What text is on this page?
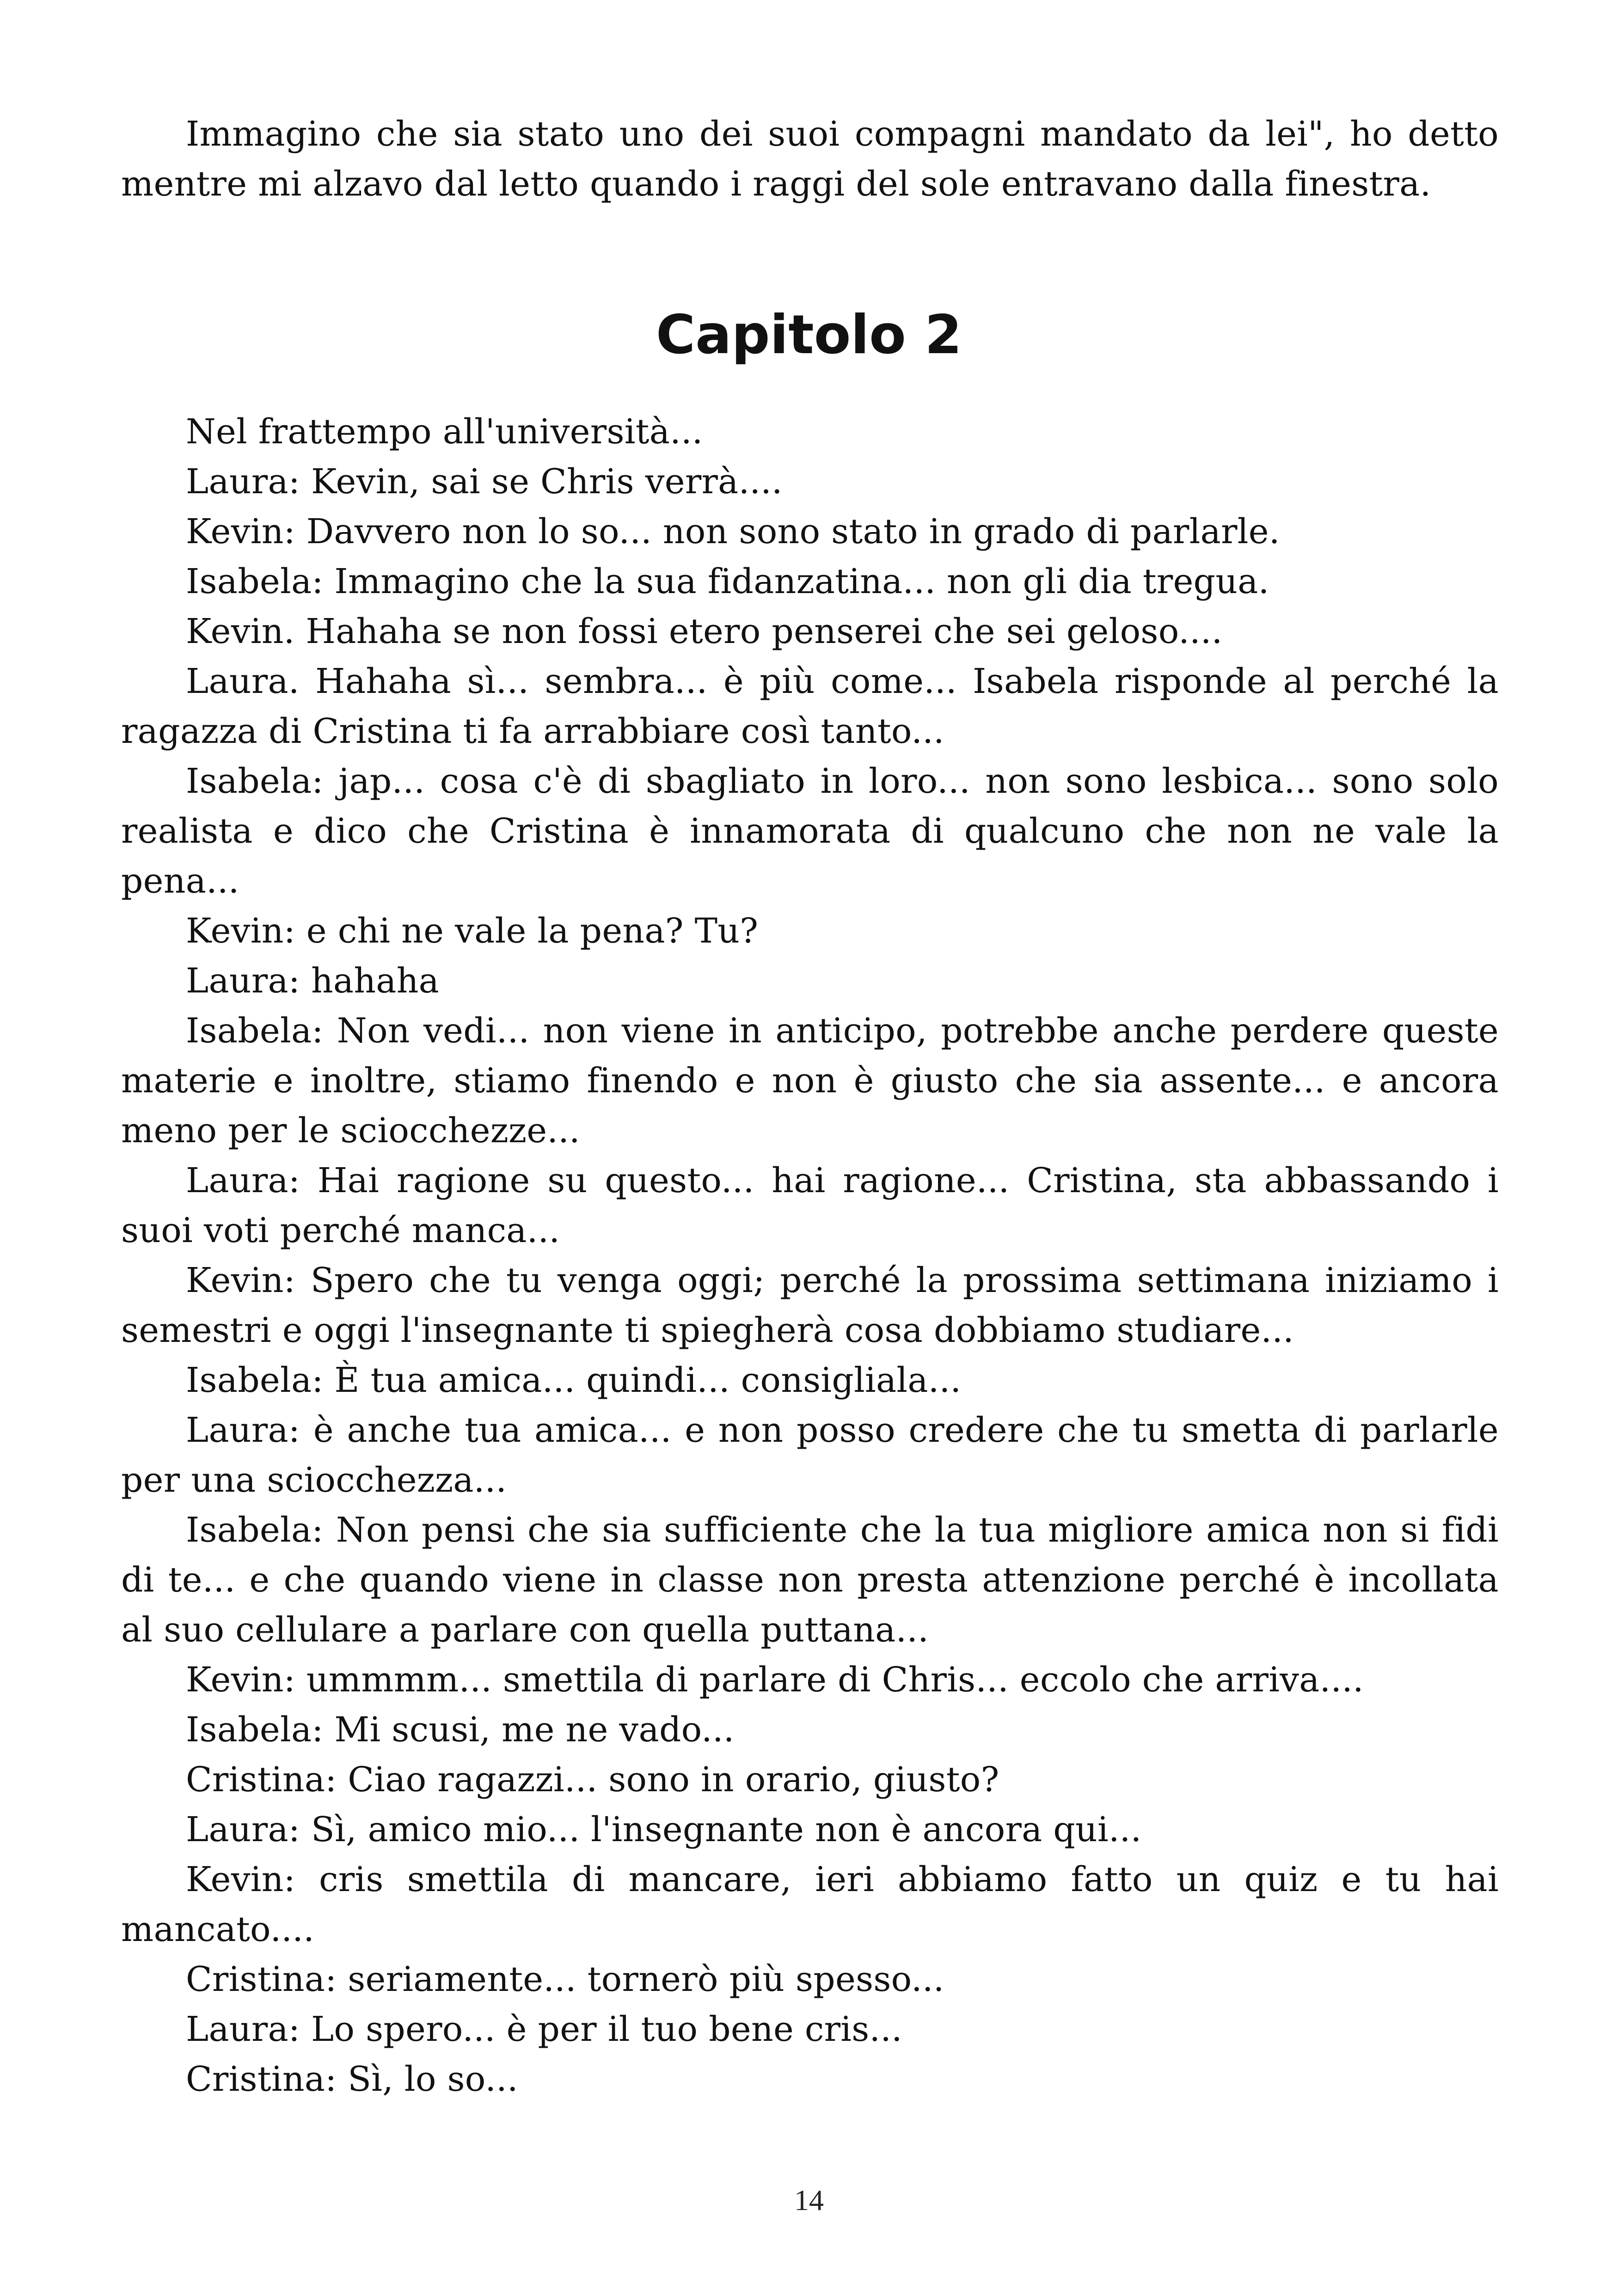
Immagino che sia stato uno dei suoi compagni mandato da lei", ho detto mentre mi alzavo dal letto quando i raggi del sole entravano dalla finestra.

Capitolo 2

Nel frattempo all'università...

Laura: Kevin, sai se Chris verrà....

Kevin: Davvero non lo so... non sono stato in grado di parlarle.

Isabela: Immagino che la sua fidanzatina... non gli dia tregua.

Kevin. Hahaha se non fossi etero penserei che sei geloso....

Laura. Hahaha sì... sembra... è più come... Isabela risponde al perché la ragazza di Cristina ti fa arrabbiare così tanto...

Isabela: jap... cosa c'è di sbagliato in loro... non sono lesbica... sono solo realista e dico che Cristina è innamorata di qualcuno che non ne vale la pena...

Kevin: e chi ne vale la pena? Tu?

Laura: hahaha

Isabela: Non vedi... non viene in anticipo, potrebbe anche perdere queste materie e inoltre, stiamo finendo e non è giusto che sia assente... e ancora meno per le sciocchezze...

Laura: Hai ragione su questo... hai ragione... Cristina, sta abbassando i suoi voti perché manca...

Kevin: Spero che tu venga oggi; perché la prossima settimana iniziamo i semestri e oggi l'insegnante ti spiegherà cosa dobbiamo studiare...

Isabela: È tua amica... quindi... consigliala...

Laura: è anche tua amica... e non posso credere che tu smetta di parlarle per una sciocchezza...

Isabela: Non pensi che sia sufficiente che la tua migliore amica non si fidi di te... e che quando viene in classe non presta attenzione perché è incollata al suo cellulare a parlare con quella puttana...

Kevin: ummmm... smettila di parlare di Chris... eccolo che arriva....

Isabela: Mi scusi, me ne vado...

Cristina: Ciao ragazzi... sono in orario, giusto?

Laura: Sì, amico mio... l'insegnante non è ancora qui...

Kevin: cris smettila di mancare, ieri abbiamo fatto un quiz e tu hai mancato....

Cristina: seriamente... tornerò più spesso...

Laura: Lo spero... è per il tuo bene cris...

Cristina: Sì, lo so...

14
